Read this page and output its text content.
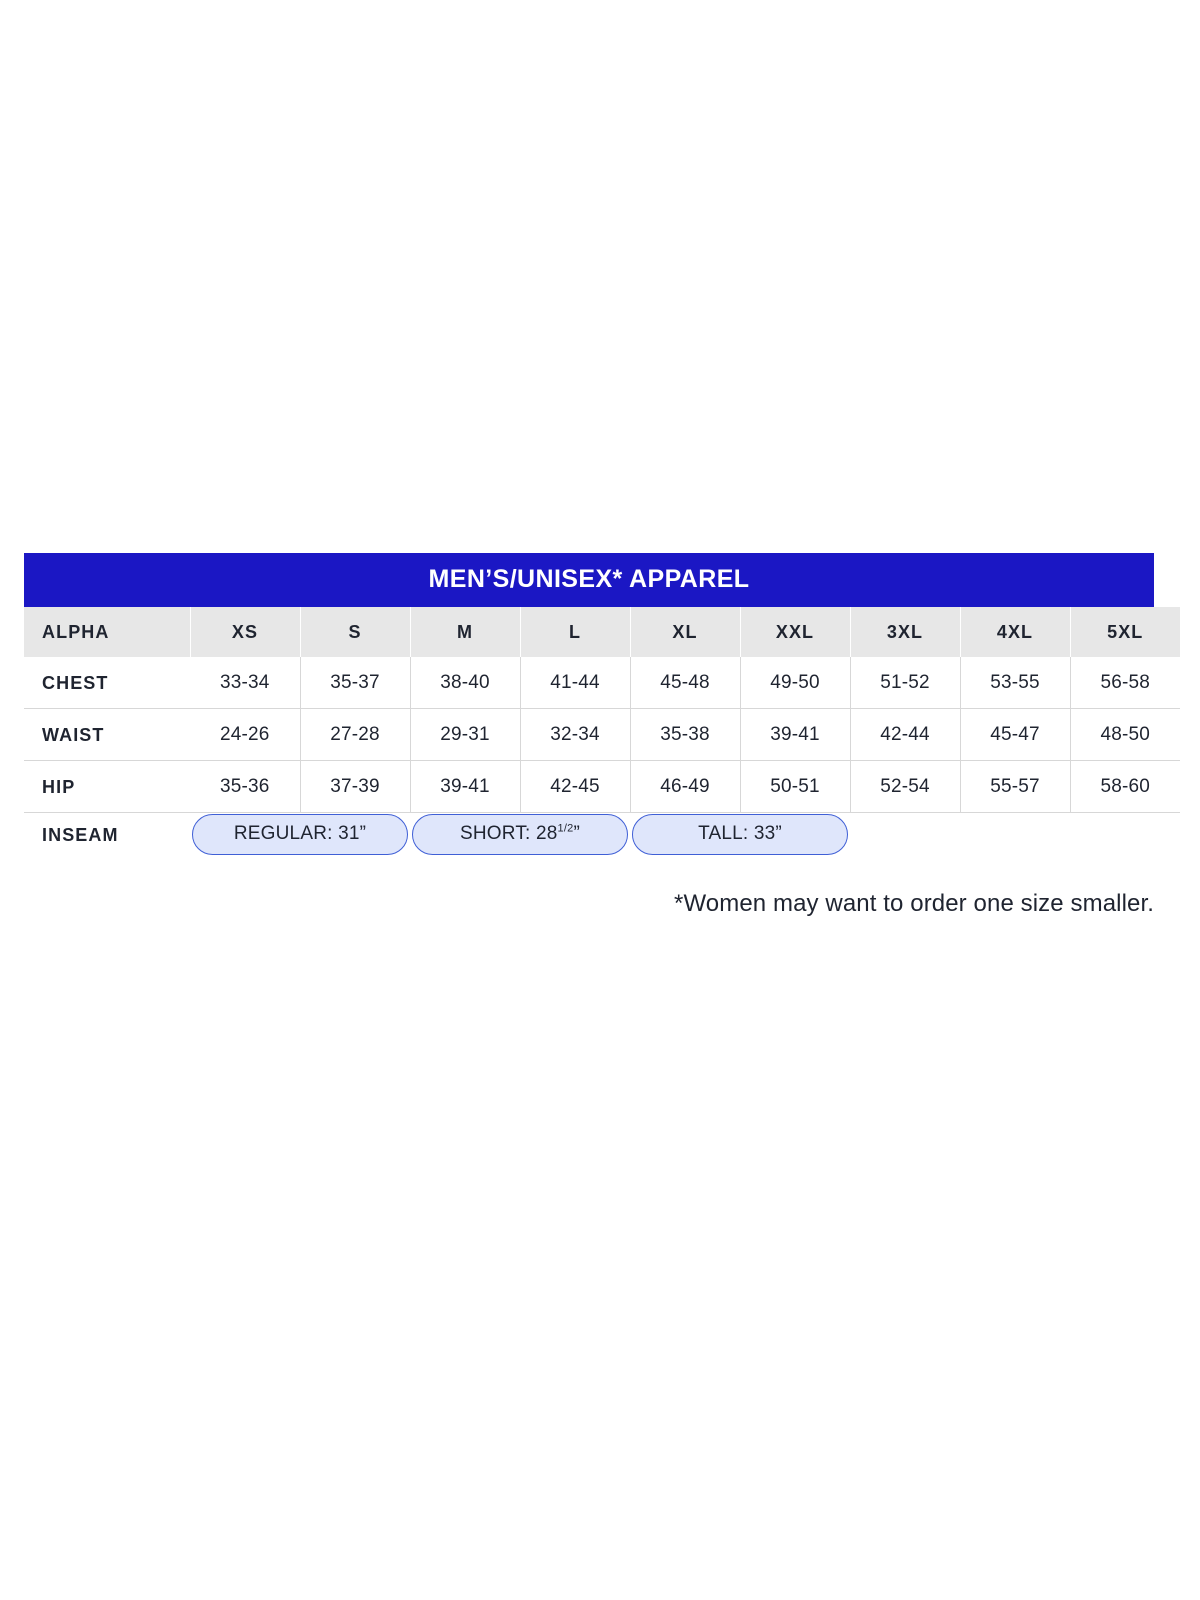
MEN’S/UNISEX* APPAREL
ALPHA	XS	S	M	L	XL	XXL	3XL	4XL	5XL
CHEST	33-34	35-37	38-40	41-44	45-48	49-50	51-52	53-55	56-58
WAIST	24-26	27-28	29-31	32-34	35-38	39-41	42-44	45-47	48-50
HIP	35-36	37-39	39-41	42-45	46-49	50-51	52-54	55-57	58-60
INSEAM	REGULAR: 31”		SHORT: $28^{1/2}$”		TALL: 33”				
*Women may want to order one size smaller.
